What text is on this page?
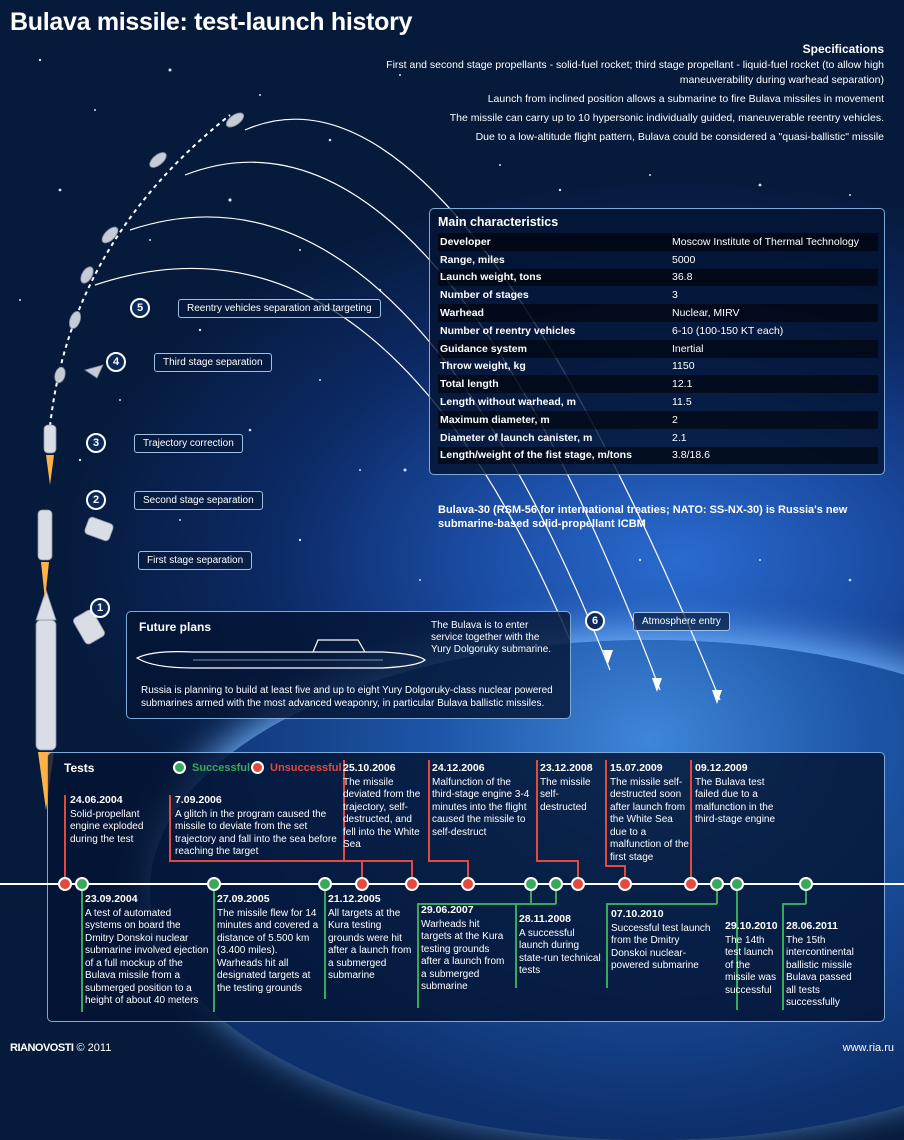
Bulava missile: test-launch history
Specifications

First and second stage propellants - solid-fuel rocket; third stage propellant - liquid-fuel rocket (to allow high maneuverability during warhead separation)

Launch from inclined position allows a submarine to fire Bulava missiles in movement

The missile can carry up to 10 hypersonic individually guided, maneuverable reentry vehicles.

Due to a low-altitude flight pattern, Bulava could be considered a "quasi-ballistic" missile

Main characteristics
Developer	Moscow Institute of Thermal Technology
Range, miles	5000
Launch weight, tons	36.8
Number of stages	3
Warhead	Nuclear, MIRV
Number of reentry vehicles	6-10 (100-150 KT each)
Guidance system	Inertial
Throw weight, kg	1150
Total length	12.1
Length without warhead, m	11.5
Maximum diameter, m	2
Diameter of launch canister, m	2.1
Length/weight of the fist stage, m/tons	3.8/18.6
Bulava-30 (RSM-56 for international treaties; NATO: SS-NX-30) is Russia's new submarine-based solid-propellant ICBM
5	Reentry vehicles separation and targeting
4	Third stage separation
3	Trajectory correction
2	Second stage separation
First stage separation
1
6	Atmosphere entry
Future plans	The Bulava is to enter service together with the Yury Dolgoruky submarine.
Russia is planning to build at least five and up to eight Yury Dolgoruky-class nuclear powered submarines armed with the most advanced weaponry, in particular Bulava ballistic missiles.
Tests	Successful Unsuccessful
24.06.2004
Solid-propellant engine exploded during the test
7.09.2006
A glitch in the program caused the missile to deviate from the set trajectory and fall into the sea before reaching the target
25.10.2006
The missile deviated from the trajectory, self-destructed, and fell into the White Sea
24.12.2006
Malfunction of the third-stage engine 3-4 minutes into the flight caused the missile to self-destruct
23.12.2008
The missile self-destructed
15.07.2009
The missile self-destructed soon after launch from the White Sea due to a malfunction of the first stage
09.12.2009
The Bulava test failed due to a malfunction in the third-stage engine
23.09.2004
A test of automated systems on board the Dmitry Donskoi nuclear submarine involved ejection of a full mockup of the Bulava missile from a submerged position to a height of about 40 meters
27.09.2005
The missile flew for 14 minutes and covered a distance of 5.500 km (3.400 miles). Warheads hit all designated targets at the testing grounds
21.12.2005
All targets at the Kura testing grounds were hit after a launch from a submerged submarine
29.06.2007
Warheads hit targets at the Kura testing grounds after a launch from a submerged submarine
28.11.2008
A successful launch during state-run technical tests
07.10.2010
Successful test launch from the Dmitry Donskoi nuclear-powered submarine
29.10.2010
The 14th test launch of the missile was successful
28.06.2011
The 15th intercontinental ballistic missile Bulava passed all tests successfully
RIANOVOSTI © 2011	www.ria.ru
